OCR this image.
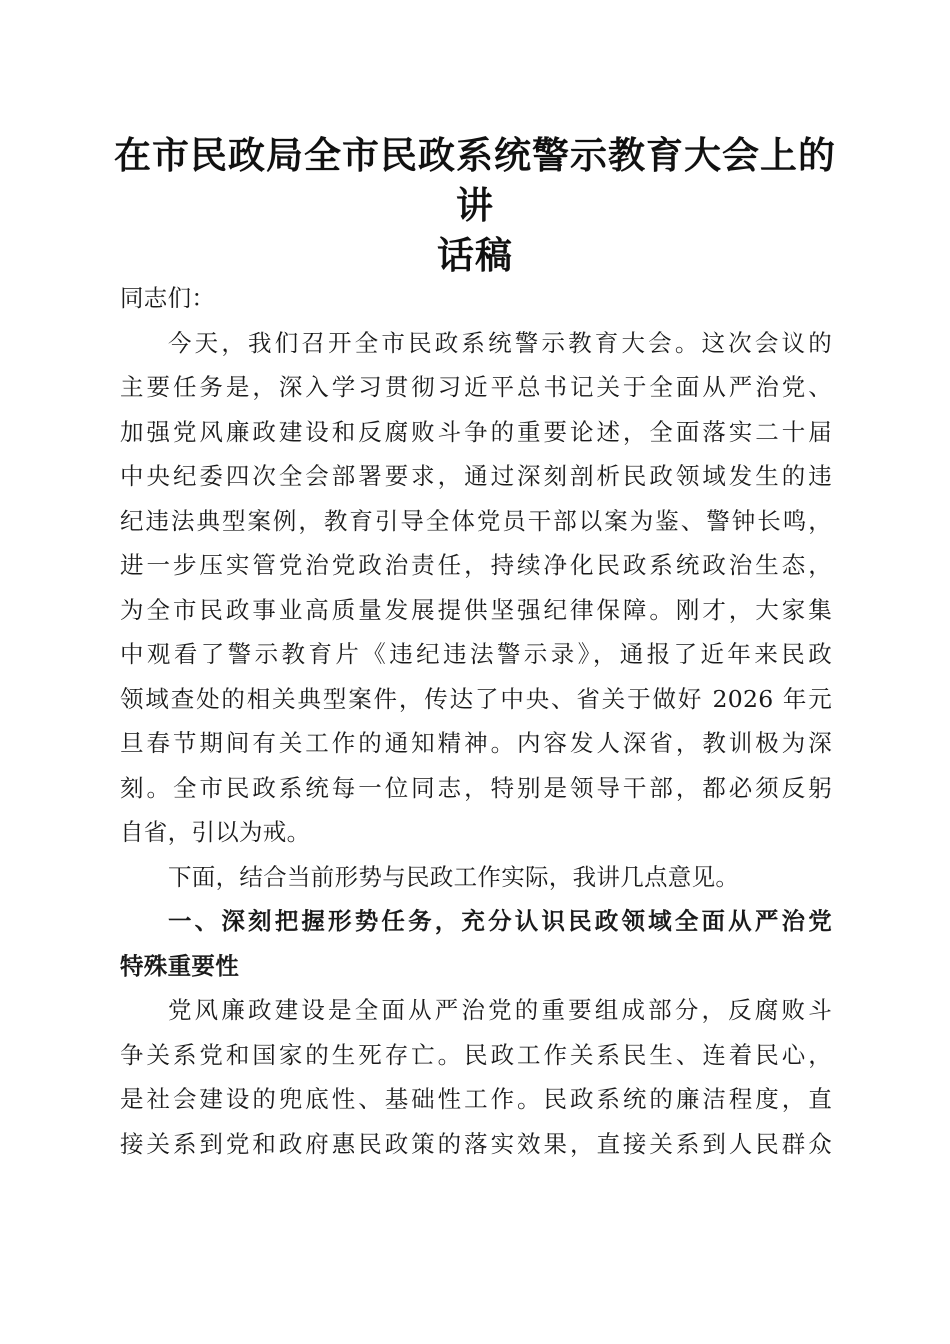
在市民政局全市民政系统警示教育大会上的讲
话稿
同志们：
今天，我们召开全市民政系统警示教育大会。这次会议的
主要任务是，深入学习贯彻习近平总书记关于全面从严治党、
加强党风廉政建设和反腐败斗争的重要论述，全面落实二十届
中央纪委四次全会部署要求，通过深刻剖析民政领域发生的违
纪违法典型案例，教育引导全体党员干部以案为鉴、警钟长鸣，
进一步压实管党治党政治责任，持续净化民政系统政治生态，
为全市民政事业高质量发展提供坚强纪律保障。刚才，大家集
中观看了警示教育片《违纪违法警示录》，通报了近年来民政
领域查处的相关典型案件，传达了中央、省关于做好 2026 年元
旦春节期间有关工作的通知精神。内容发人深省，教训极为深
刻。全市民政系统每一位同志，特别是领导干部，都必须反躬
自省，引以为戒。
下面，结合当前形势与民政工作实际，我讲几点意见。
一、深刻把握形势任务，充分认识民政领域全面从严治党
特殊重要性
党风廉政建设是全面从严治党的重要组成部分，反腐败斗
争关系党和国家的生死存亡。民政工作关系民生、连着民心，
是社会建设的兜底性、基础性工作。民政系统的廉洁程度，直
接关系到党和政府惠民政策的落实效果，直接关系到人民群众
